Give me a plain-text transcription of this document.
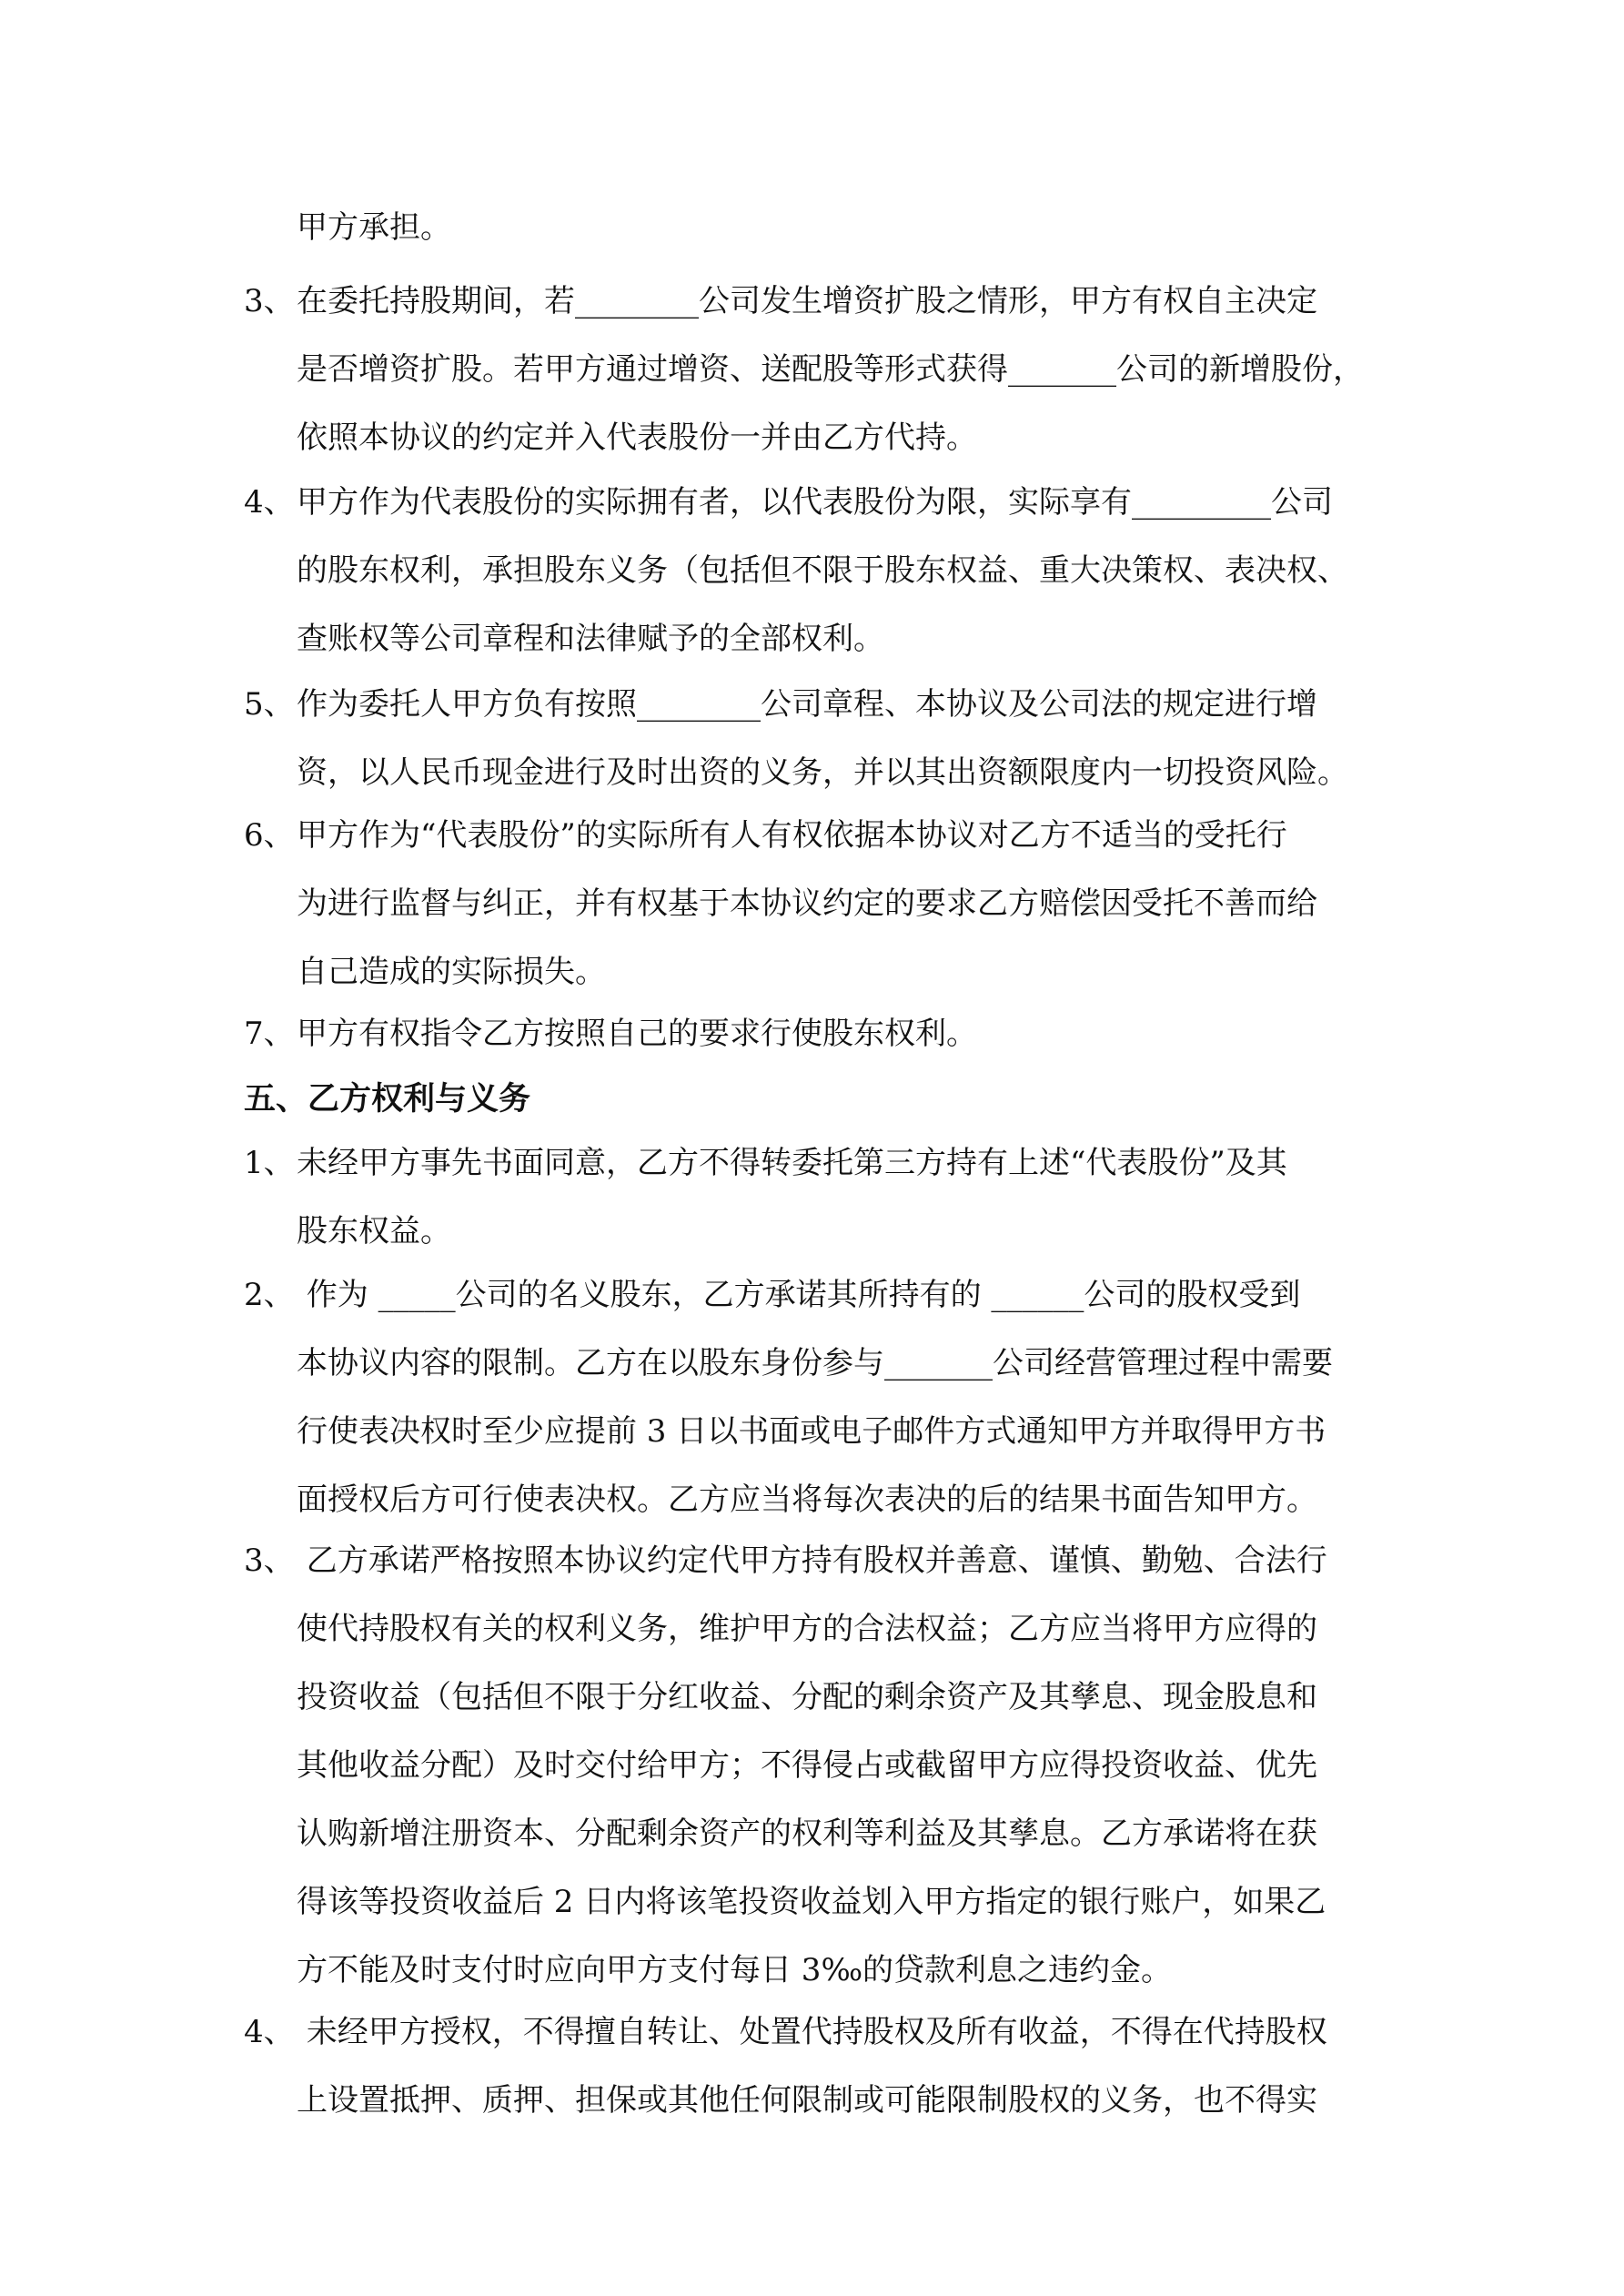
甲方承担。

3、

在委托持股期间，若________公司发生增资扩股之情形，甲方有权自主决定

是否增资扩股。若甲方通过增资、送配股等形式获得_______公司的新增股份，

依照本协议的约定并入代表股份一并由乙方代持。

4、

甲方作为代表股份的实际拥有者，以代表股份为限，实际享有_________公司

的股东权利，承担股东义务（包括但不限于股东权益、重大决策权、表决权、

查账权等公司章程和法律赋予的全部权利。

5、

作为委托人甲方负有按照________公司章程、本协议及公司法的规定进行增

资，以人民币现金进行及时出资的义务，并以其出资额限度内一切投资风险。

6、

甲方作为“代表股份”的实际所有人有权依据本协议对乙方不适当的受托行

为进行监督与纠正，并有权基于本协议约定的要求乙方赔偿因受托不善而给

自己造成的实际损失。

7、

甲方有权指令乙方按照自己的要求行使股东权利。

五、乙方权利与义务

1、

未经甲方事先书面同意，乙方不得转委托第三方持有上述“代表股份”及其

股东权益。

2、

作为 _____公司的名义股东，乙方承诺其所持有的 ______公司的股权受到

本协议内容的限制。乙方在以股东身份参与_______公司经营管理过程中需要

行使表决权时至少应提前 3 日以书面或电子邮件方式通知甲方并取得甲方书

面授权后方可行使表决权。乙方应当将每次表决的后的结果书面告知甲方。

3、

乙方承诺严格按照本协议约定代甲方持有股权并善意、谨慎、勤勉、合法行

使代持股权有关的权利义务，维护甲方的合法权益；乙方应当将甲方应得的

投资收益（包括但不限于分红收益、分配的剩余资产及其孳息、现金股息和

其他收益分配）及时交付给甲方；不得侵占或截留甲方应得投资收益、优先

认购新增注册资本、分配剩余资产的权利等利益及其孳息。乙方承诺将在获

得该等投资收益后 2 日内将该笔投资收益划入甲方指定的银行账户，如果乙

方不能及时支付时应向甲方支付每日 3‰的贷款利息之违约金。

4、

未经甲方授权，不得擅自转让、处置代持股权及所有收益，不得在代持股权

上设置抵押、质押、担保或其他任何限制或可能限制股权的义务，也不得实
